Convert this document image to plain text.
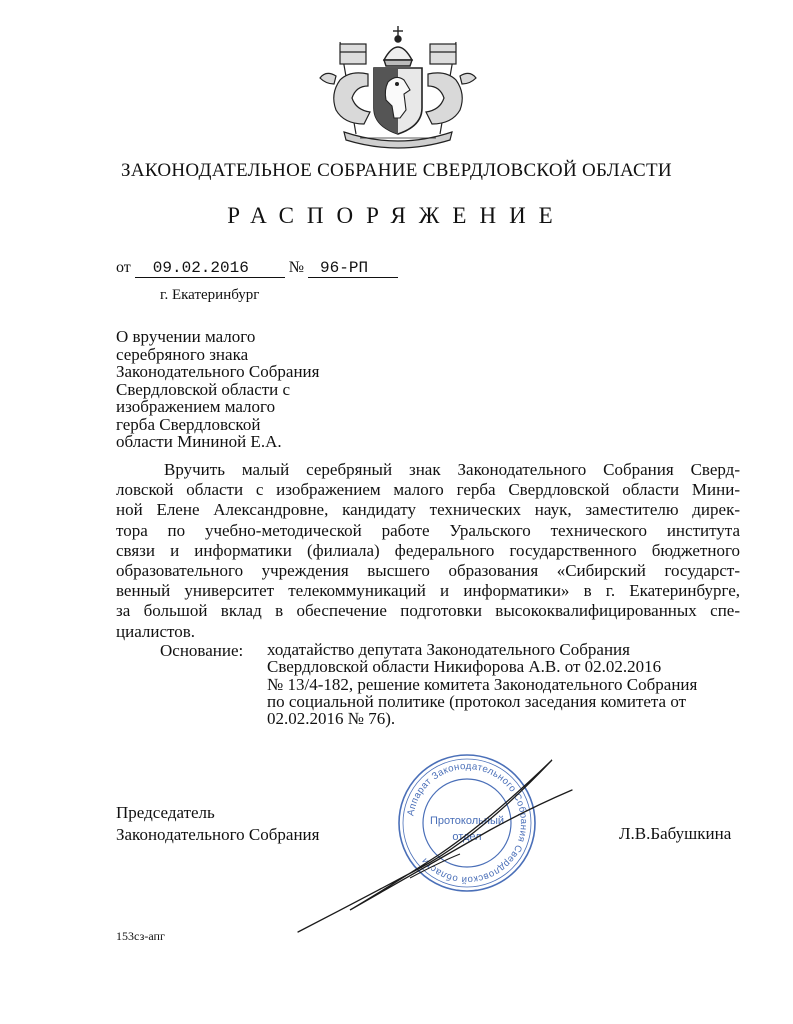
ЗАКОНОДАТЕЛЬНОЕ СОБРАНИЕ СВЕРДЛОВСКОЙ ОБЛАСТИ
РАСПОРЯЖЕНИЕ
от 09.02.2016 № 96-РП
г. Екатеринбург
О вручении малого
серебряного знака
Законодательного Собрания
Свердловской области с
изображением малого
герба Свердловской
области Мининой Е.А.
Вручить малый серебряный знак Законодательного Собрания Сверд-
ловской области с изображением малого герба Свердловской области Мини-
ной Елене Александровне, кандидату технических наук, заместителю дирек-
тора по учебно-методической работе Уральского технического института
связи и информатики (филиала) федерального государственного бюджетного
образовательного учреждения высшего образования «Сибирский государст-
венный университет телекоммуникаций и информатики» в г. Екатеринбурге,
за большой вклад в обеспечение подготовки высококвалифицированных спе-
циалистов.
Основание: ходатайство депутата Законодательного Собрания
Свердловской области Никифорова А.В. от 02.02.2016
№ 13/4-182, решение комитета Законодательного Собрания
по социальной политике (протокол заседания комитета от
02.02.2016 № 76).
Председатель
Законодательного Собрания
Аппарат Законодательного Собрания Свердловской области
Протокольный
отдел	Л.В.Бабушкина
153сз-апг
